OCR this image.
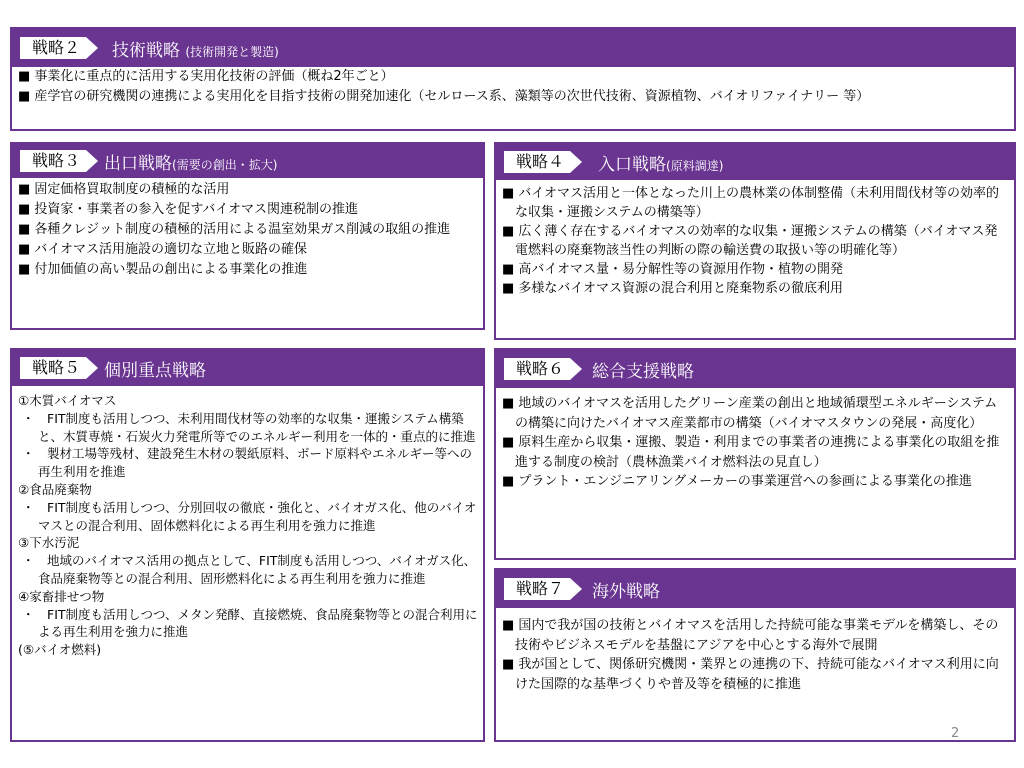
戦略２	技術戦略 (技術開発と製造)

■ 事業化に重点的に活用する実用化技術の評価（概ね2年ごと）

■ 産学官の研究機関の連携による実用化を目指す技術の開発加速化（セルロース系、藻類等の次世代技術、資源植物、バイオリファイナリー 等）

戦略３	出口戦略(需要の創出・拡大)

■ 固定価格買取制度の積極的な活用

■ 投資家・事業者の参入を促すバイオマス関連税制の推進

■ 各種クレジット制度の積極的活用による温室効果ガス削減の取組の推進

■ バイオマス活用施設の適切な立地と販路の確保

■ 付加価値の高い製品の創出による事業化の推進

戦略４	入口戦略(原料調達)

■ バイオマス活用と一体となった川上の農林業の体制整備（未利用間伐材等の効率的な収集・運搬システムの構築等）

■ 広く薄く存在するバイオマスの効率的な収集・運搬システムの構築（バイオマス発電燃料の廃棄物該当性の判断の際の輸送費の取扱い等の明確化等）

■ 高バイオマス量・易分解性等の資源用作物・植物の開発

■ 多様なバイオマス資源の混合利用と廃棄物系の徹底利用

戦略５	個別重点戦略

①木質バイオマス

・　FIT制度も活用しつつ、未利用間伐材等の効率的な収集・運搬システム構築と、木質専焼・石炭火力発電所等でのエネルギー利用を一体的・重点的に推進

・　製材工場等残材、建設発生木材の製紙原料、ボード原料やエネルギー等への再生利用を推進

②食品廃棄物

・　FIT制度も活用しつつ、分別回収の徹底・強化と、バイオガス化、他のバイオマスとの混合利用、固体燃料化による再生利用を強力に推進

③下水汚泥

・　地域のバイオマス活用の拠点として、FIT制度も活用しつつ、バイオガス化、食品廃棄物等との混合利用、固形燃料化による再生利用を強力に推進

④家畜排せつ物

・　FIT制度も活用しつつ、メタン発酵、直接燃焼、食品廃棄物等との混合利用による再生利用を強力に推進

(⑤バイオ燃料)

戦略６	総合支援戦略

■ 地域のバイオマスを活用したグリーン産業の創出と地域循環型エネルギーシステムの構築に向けたバイオマス産業都市の構築（バイオマスタウンの発展・高度化）

■ 原料生産から収集・運搬、製造・利用までの事業者の連携による事業化の取組を推進する制度の検討（農林漁業バイオ燃料法の見直し）

■ プラント・エンジニアリングメーカーの事業運営への参画による事業化の推進

戦略７	海外戦略

■ 国内で我が国の技術とバイオマスを活用した持続可能な事業モデルを構築し、その技術やビジネスモデルを基盤にアジアを中心とする海外で展開

■ 我が国として、関係研究機関・業界との連携の下、持続可能なバイオマス利用に向けた国際的な基準づくりや普及等を積極的に推進

2
